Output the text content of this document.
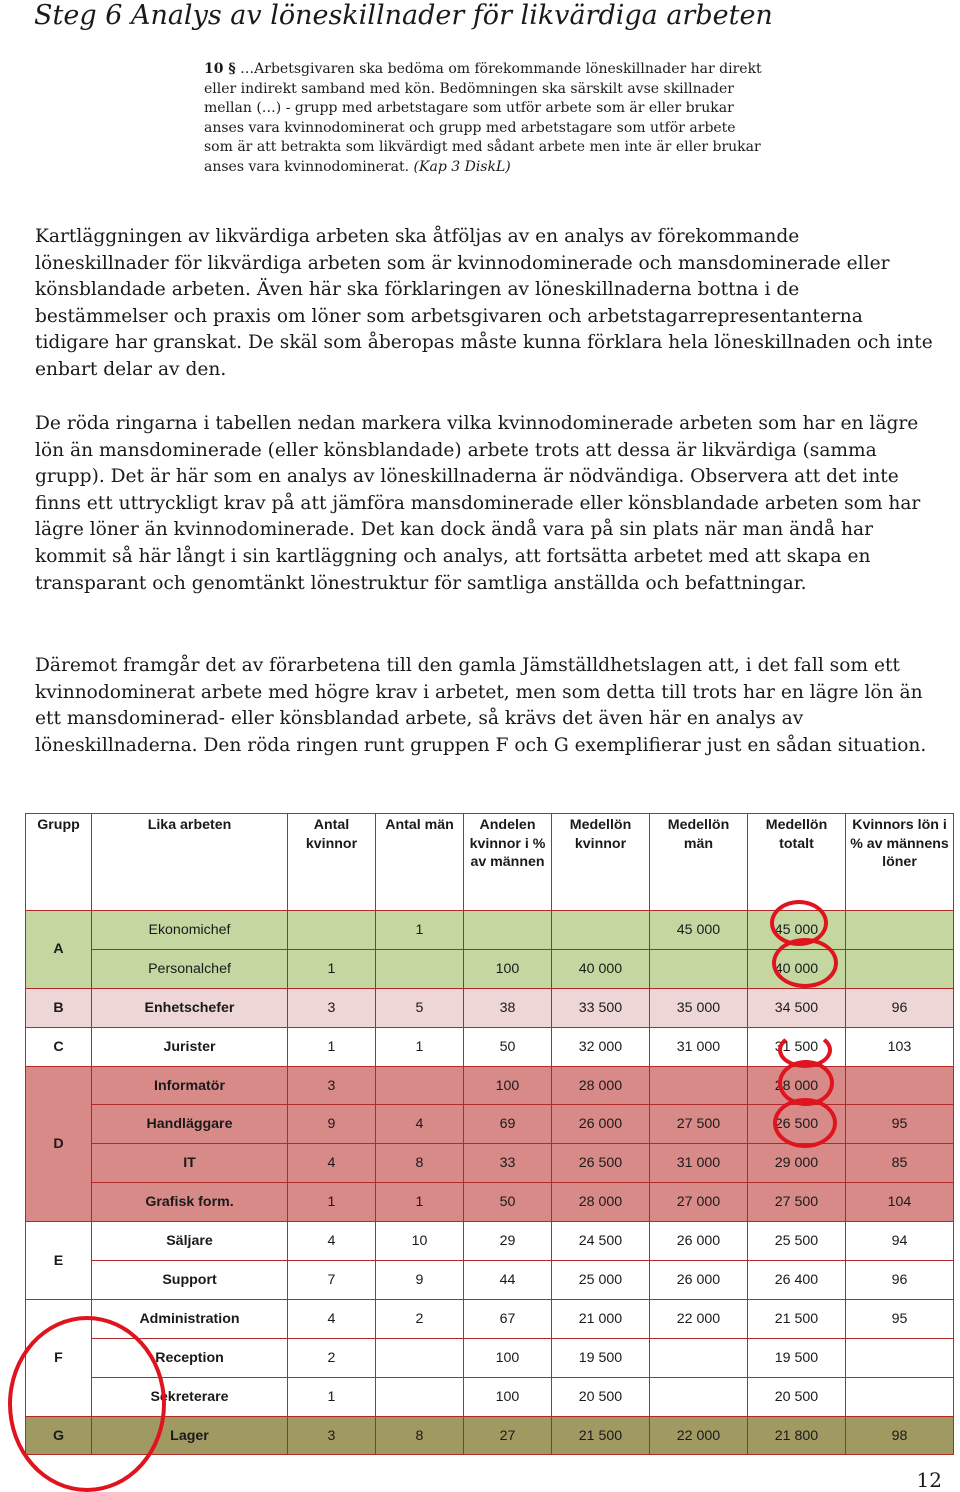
Steg 6 Analys av löneskillnader för likvärdiga arbeten
10 § …Arbetsgivaren ska bedöma om förekommande löneskillnader har direkt eller indirekt samband med kön. Bedömningen ska särskilt avse skillnader mellan (…) - grupp med arbetstagare som utför arbete som är eller brukar anses vara kvinnodominerat och grupp med arbetstagare som utför arbete som är att betrakta som likvärdigt med sådant arbete men inte är eller brukar anses vara kvinnodominerat. (Kap 3 DiskL)

Kartläggningen av likvärdiga arbeten ska åtföljas av en analys av förekommande löneskillnader för likvärdiga arbeten som är kvinnodominerade och mansdominerade eller könsblandade arbeten. Även här ska förklaringen av löneskillnaderna bottna i de bestämmelser och praxis om löner som arbetsgivaren och arbetstagarrepresentanterna tidigare har granskat. De skäl som åberopas måste kunna förklara hela löneskillnaden och inte enbart delar av den.

De röda ringarna i tabellen nedan markera vilka kvinnodominerade arbeten som har en lägre lön än mansdominerade (eller könsblandade) arbete trots att dessa är likvärdiga (samma grupp). Det är här som en analys av löneskillnaderna är nödvändiga. Observera att det inte finns ett uttryckligt krav på att jämföra mansdominerade eller könsblandade arbeten som har lägre löner än kvinnodominerade. Det kan dock ändå vara på sin plats när man ändå har kommit så här långt i sin kartläggning och analys, att fortsätta arbetet med att skapa en transparant och genomtänkt lönestruktur för samtliga anställda och befattningar.

Däremot framgår det av förarbetena till den gamla Jämställdhetslagen att, i det fall som ett kvinnodominerat arbete med högre krav i arbetet, men som detta till trots har en lägre lön än ett mansdominerad- eller könsblandad arbete, så krävs det även här en analys av löneskillnaderna. Den röda ringen runt gruppen F och G exemplifierar just en sådan situation.

Grupp	Lika arbeten	Antal kvinnor	Antal män	Andelen kvinnor i % av männen	Medellön kvinnor	Medellön män	Medellön totalt	Kvinnors lön i % av männens löner
A	Ekonomichef		1			45 000	45 000	
	Personalchef	1		100	40 000		40 000	
B	Enhetschefer	3	5	38	33 500	35 000	34 500	96
C	Jurister	1	1	50	32 000	31 000	31 500	103
D	Informatör	3		100	28 000		28 000	
	Handläggare	9	4	69	26 000	27 500	26 500	95
	IT	4	8	33	26 500	31 000	29 000	85
	Grafisk form.	1	1	50	28 000	27 000	27 500	104
E	Säljare	4	10	29	24 500	26 000	25 500	94
	Support	7	9	44	25 000	26 000	26 400	96
F	Administration	4	2	67	21 000	22 000	21 500	95
	Reception	2		100	19 500		19 500	
	Sekreterare	1		100	20 500		20 500	
G	Lager	3	8	27	21 500	22 000	21 800	98
12
